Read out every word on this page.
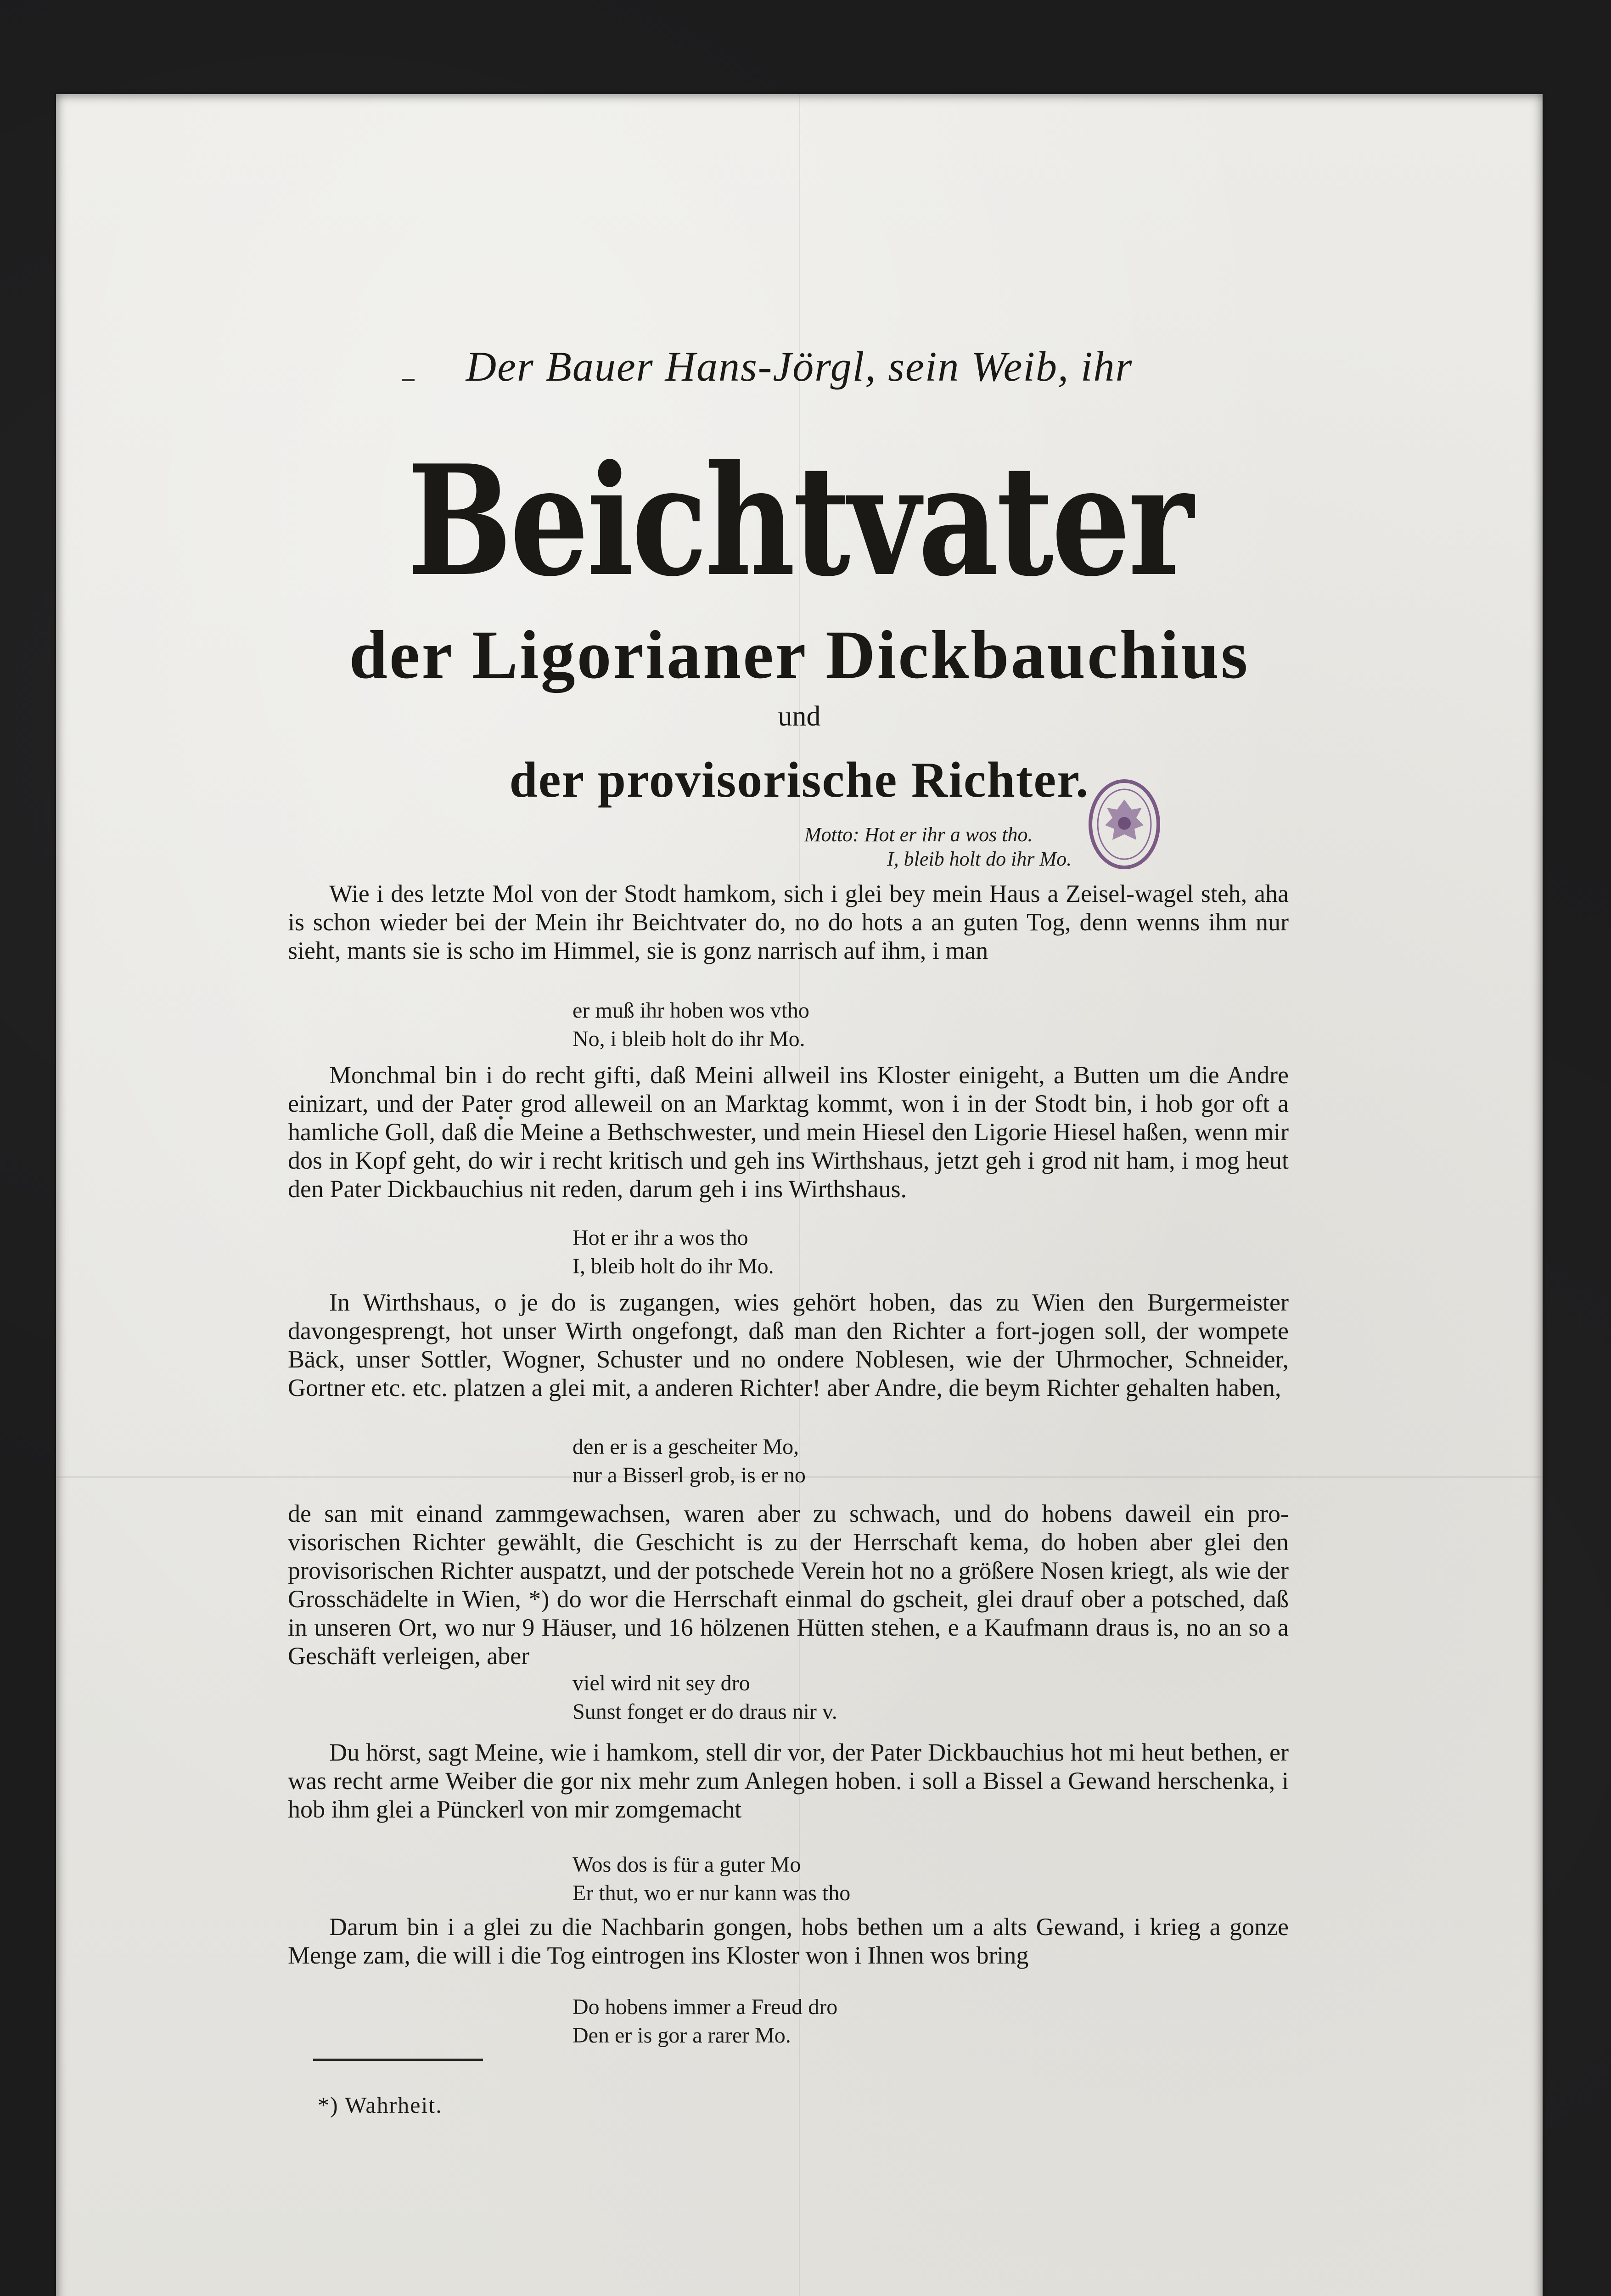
Der Bauer Hans-Jörgl, sein Weib, ihr
Beichtvater
der Ligorianer Dickbauchius
und
der provisorische Richter.
Motto: Hot er ihr a wos tho.
I, bleib holt do ihr Mo.
Wie i des letzte Mol von der Stodt hamkom, sich i glei bey mein Haus a Zeisel-wagel steh, aha is schon wieder bei der Mein ihr Beichtvater do, no do hots a an guten Tog, denn wenns ihm nur sieht, mants sie is scho im Himmel, sie is gonz narrisch auf ihm, i man
er muß ihr hoben wos vtho
No, i bleib holt do ihr Mo.
Monchmal bin i do recht gifti, daß Meini allweil ins Kloster einigeht, a Butten um die Andre einizart, und der Pater grod alleweil on an Marktag kommt, won i in der Stodt bin, i hob gor oft a hamliche Goll, daß die Meine a Bethschwester, und mein Hiesel den Ligorie Hiesel haßen, wenn mir dos in Kopf geht, do wir i recht kritisch und geh ins Wirthshaus, jetzt geh i grod nit ham, i mog heut den Pater Dickbauchius nit reden, darum geh i ins Wirthshaus.
Hot er ihr a wos tho
I, bleib holt do ihr Mo.
In Wirthshaus, o je do is zugangen, wies gehört hoben, das zu Wien den Burgermeister davongesprengt, hot unser Wirth ongefongt, daß man den Richter a fort-jogen soll, der wompete Bäck, unser Sottler, Wogner, Schuster und no ondere Noblesen, wie der Uhrmocher, Schneider, Gortner etc. etc. platzen a glei mit, a anderen Richter! aber Andre, die beym Richter gehalten haben,
den er is a gescheiter Mo,
nur a Bisserl grob, is er no
de san mit einand zammgewachsen, waren aber zu schwach, und do hobens daweil ein pro-visorischen Richter gewählt, die Geschicht is zu der Herrschaft kema, do hoben aber glei den provisorischen Richter auspatzt, und der potschede Verein hot no a größere Nosen kriegt, als wie der Grosschädelte in Wien, *) do wor die Herrschaft einmal do gscheit, glei drauf ober a potsched, daß in unseren Ort, wo nur 9 Häuser, und 16 hölzenen Hütten stehen, e a Kaufmann draus is, no an so a Geschäft verleigen, aber
viel wird nit sey dro
Sunst fonget er do draus nir v.
Du hörst, sagt Meine, wie i hamkom, stell dir vor, der Pater Dickbauchius hot mi heut bethen, er was recht arme Weiber die gor nix mehr zum Anlegen hoben. i soll a Bissel a Gewand herschenka, i hob ihm glei a Pünckerl von mir zomgemacht
Wos dos is für a guter Mo
Er thut, wo er nur kann was tho
Darum bin i a glei zu die Nachbarin gongen, hobs bethen um a alts Gewand, i krieg a gonze Menge zam, die will i die Tog eintrogen ins Kloster won i Ihnen wos bring
Do hobens immer a Freud dro
Den er is gor a rarer Mo.
*) Wahrheit.
